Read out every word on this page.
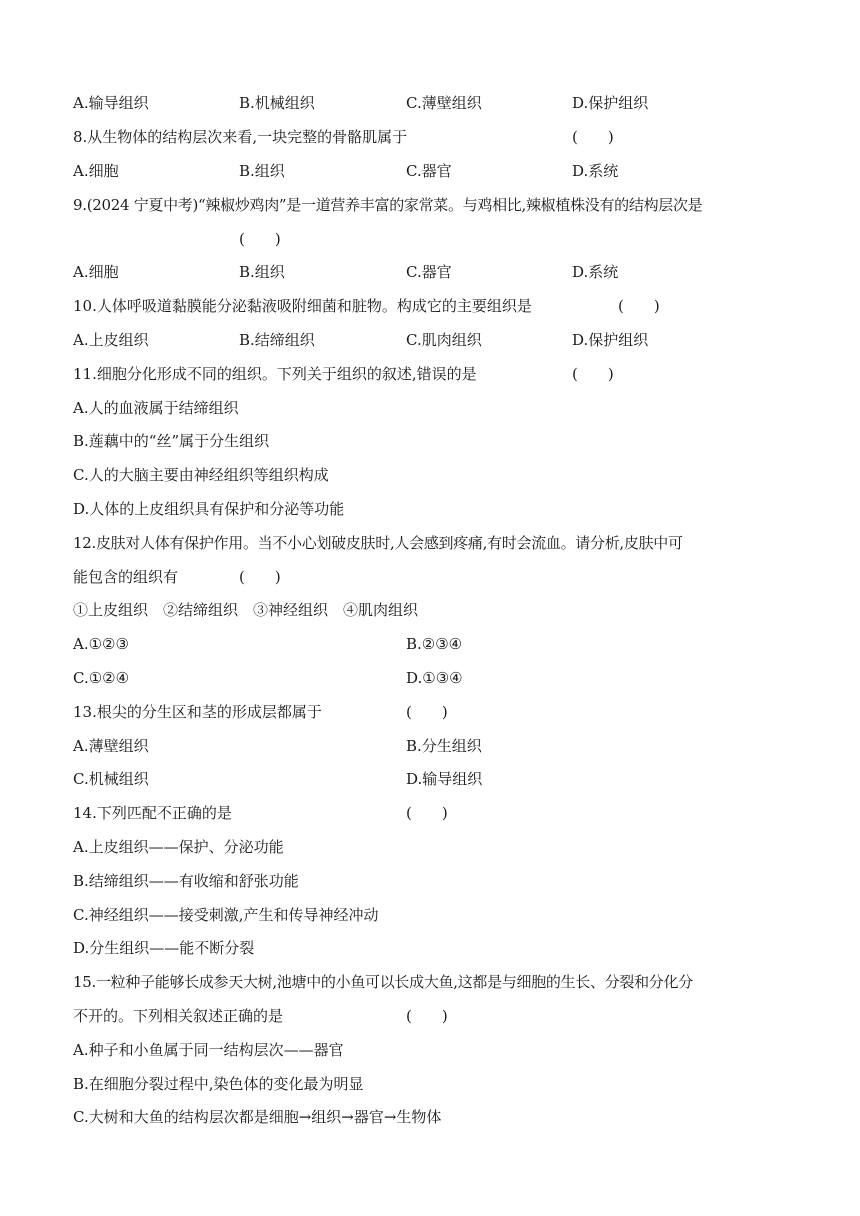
A.输导组织	B.机械组织	C.薄壁组织	D.保护组织
8.从生物体的结构层次来看,一块完整的骨骼肌属于	(　　)
A.细胞	B.组织	C.器官	D.系统
9.(2024 宁夏中考)“辣椒炒鸡肉”是一道营养丰富的家常菜。与鸡相比,辣椒植株没有的结构层次是
(　　)
A.细胞	B.组织	C.器官	D.系统
10.人体呼吸道黏膜能分泌黏液吸附细菌和脏物。构成它的主要组织是	(　　)
A.上皮组织	B.结缔组织	C.肌肉组织	D.保护组织
11.细胞分化形成不同的组织。下列关于组织的叙述,错误的是	(　　)
A.人的血液属于结缔组织
B.莲藕中的“丝”属于分生组织
C.人的大脑主要由神经组织等组织构成
D.人体的上皮组织具有保护和分泌等功能
12.皮肤对人体有保护作用。当不小心划破皮肤时,人会感到疼痛,有时会流血。请分析,皮肤中可
能包含的组织有	(　　)
①上皮组织　②结缔组织　③神经组织　④肌肉组织
A.①②③	B.②③④
C.①②④	D.①③④
13.根尖的分生区和茎的形成层都属于	(　　)
A.薄壁组织	B.分生组织
C.机械组织	D.输导组织
14.下列匹配不正确的是	(　　)
A.上皮组织——保护、分泌功能
B.结缔组织——有收缩和舒张功能
C.神经组织——接受刺激,产生和传导神经冲动
D.分生组织——能不断分裂
15.一粒种子能够长成参天大树,池塘中的小鱼可以长成大鱼,这都是与细胞的生长、分裂和分化分
不开的。下列相关叙述正确的是	(　　)
A.种子和小鱼属于同一结构层次——器官
B.在细胞分裂过程中,染色体的变化最为明显
C.大树和大鱼的结构层次都是细胞→组织→器官→生物体
